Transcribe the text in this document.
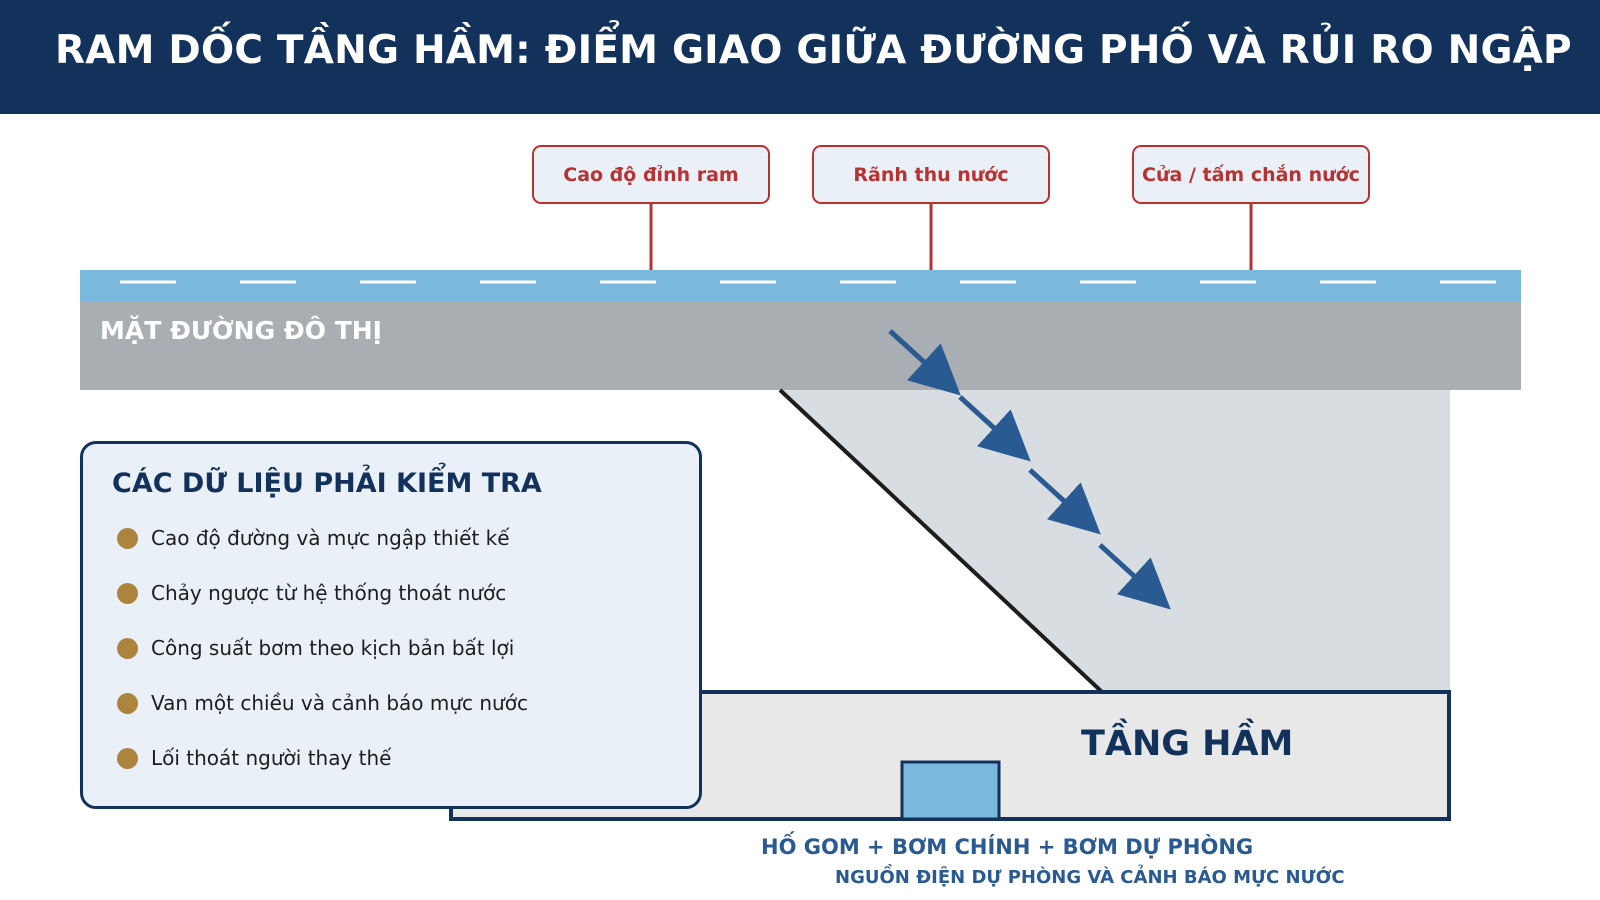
RAM DỐC TẦNG HẦM: ĐIỂM GIAO GIỮA ĐƯỜNG PHỐ VÀ RỦI RO NGẬP
Cao độ đỉnh ram	Rãnh thu nước	Cửa / tấm chắn nước
MẶT ĐƯỜNG ĐÔ THỊ
CÁC DỮ LIỆU PHẢI KIỂM TRA
Cao độ đường và mực ngập thiết kế
Chảy ngược từ hệ thống thoát nước
Công suất bơm theo kịch bản bất lợi
Van một chiều và cảnh báo mực nước
Lối thoát người thay thế	TẦNG HẦM
HỐ GOM + BƠM CHÍNH + BƠM DỰ PHÒNG
NGUỒN ĐIỆN DỰ PHÒNG VÀ CẢNH BÁO MỰC NƯỚC
